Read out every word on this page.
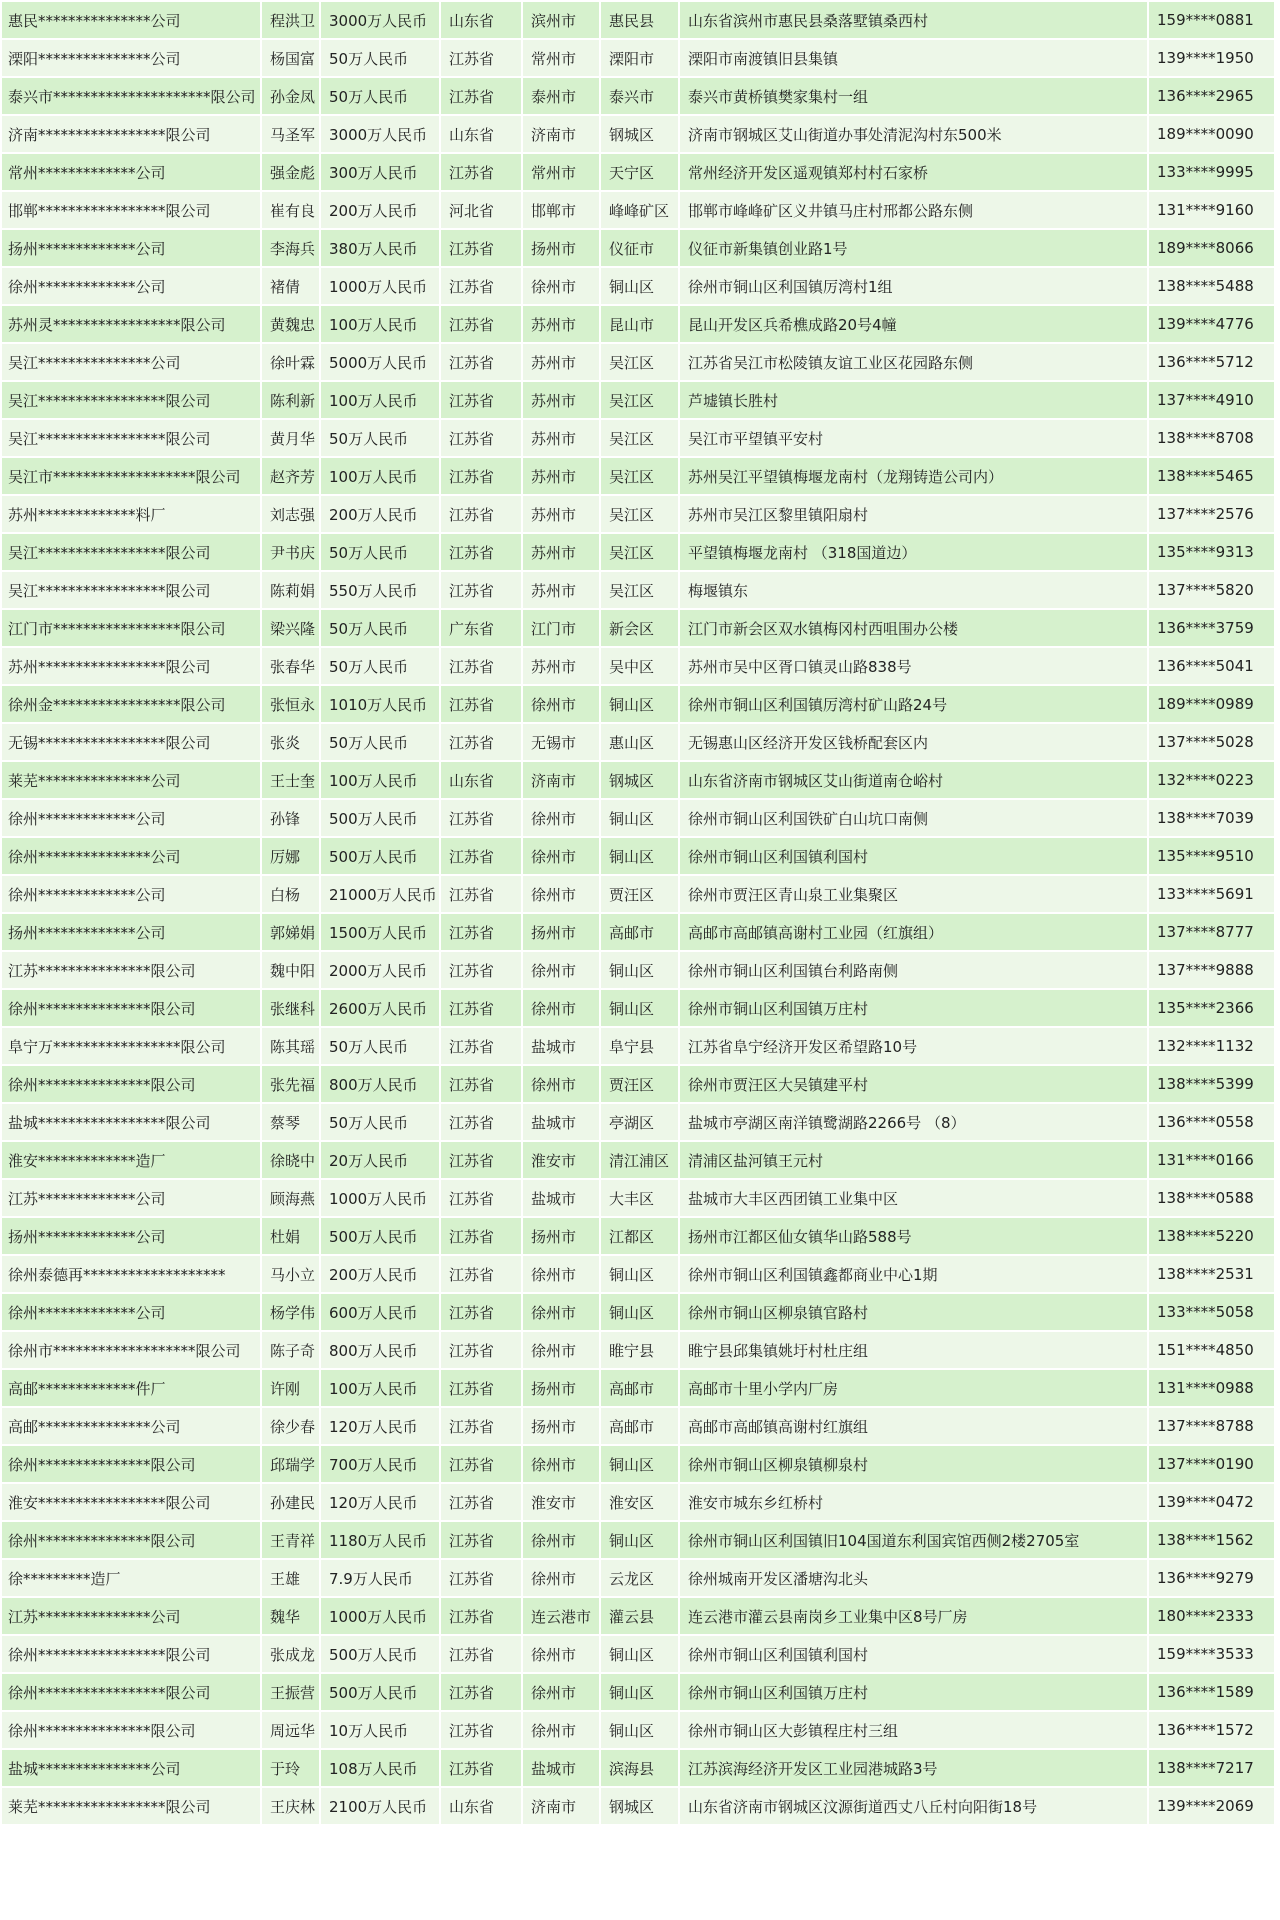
惠民***************公司	程洪卫	3000万人民币	山东省	滨州市	惠民县	山东省滨州市惠民县桑落墅镇桑西村	159****0881
溧阳***************公司	杨国富	50万人民币	江苏省	常州市	溧阳市	溧阳市南渡镇旧县集镇	139****1950
泰兴市*********************限公司	孙金凤	50万人民币	江苏省	泰州市	泰兴市	泰兴市黄桥镇樊家集村一组	136****2965
济南*****************限公司	马圣军	3000万人民币	山东省	济南市	钢城区	济南市钢城区艾山街道办事处清泥沟村东500米	189****0090
常州*************公司	强金彪	300万人民币	江苏省	常州市	天宁区	常州经济开发区遥观镇郑村村石家桥	133****9995
邯郸*****************限公司	崔有良	200万人民币	河北省	邯郸市	峰峰矿区	邯郸市峰峰矿区义井镇马庄村邢都公路东侧	131****9160
扬州*************公司	李海兵	380万人民币	江苏省	扬州市	仪征市	仪征市新集镇创业路1号	189****8066
徐州*************公司	褚倩	1000万人民币	江苏省	徐州市	铜山区	徐州市铜山区利国镇厉湾村1组	138****5488
苏州灵*****************限公司	黄魏忠	100万人民币	江苏省	苏州市	昆山市	昆山开发区兵希樵成路20号4幢	139****4776
吴江***************公司	徐叶霖	5000万人民币	江苏省	苏州市	吴江区	江苏省吴江市松陵镇友谊工业区花园路东侧	136****5712
吴江*****************限公司	陈利新	100万人民币	江苏省	苏州市	吴江区	芦墟镇长胜村	137****4910
吴江*****************限公司	黄月华	50万人民币	江苏省	苏州市	吴江区	吴江市平望镇平安村	138****8708
吴江市*******************限公司	赵齐芳	100万人民币	江苏省	苏州市	吴江区	苏州吴江平望镇梅堰龙南村（龙翔铸造公司内）	138****5465
苏州*************料厂	刘志强	200万人民币	江苏省	苏州市	吴江区	苏州市吴江区黎里镇阳扇村	137****2576
吴江*****************限公司	尹书庆	50万人民币	江苏省	苏州市	吴江区	平望镇梅堰龙南村 （318国道边）	135****9313
吴江*****************限公司	陈莉娟	550万人民币	江苏省	苏州市	吴江区	梅堰镇东	137****5820
江门市*****************限公司	梁兴隆	50万人民币	广东省	江门市	新会区	江门市新会区双水镇梅冈村西咀围办公楼	136****3759
苏州*****************限公司	张春华	50万人民币	江苏省	苏州市	吴中区	苏州市吴中区胥口镇灵山路838号	136****5041
徐州金*****************限公司	张恒永	1010万人民币	江苏省	徐州市	铜山区	徐州市铜山区利国镇厉湾村矿山路24号	189****0989
无锡*****************限公司	张炎	50万人民币	江苏省	无锡市	惠山区	无锡惠山区经济开发区钱桥配套区内	137****5028
莱芜***************公司	王士奎	100万人民币	山东省	济南市	钢城区	山东省济南市钢城区艾山街道南仓峪村	132****0223
徐州*************公司	孙锋	500万人民币	江苏省	徐州市	铜山区	徐州市铜山区利国铁矿白山坑口南侧	138****7039
徐州***************公司	厉娜	500万人民币	江苏省	徐州市	铜山区	徐州市铜山区利国镇利国村	135****9510
徐州*************公司	白杨	21000万人民币	江苏省	徐州市	贾汪区	徐州市贾汪区青山泉工业集聚区	133****5691
扬州*************公司	郭娣娟	1500万人民币	江苏省	扬州市	高邮市	高邮市高邮镇高谢村工业园（红旗组）	137****8777
江苏***************限公司	魏中阳	2000万人民币	江苏省	徐州市	铜山区	徐州市铜山区利国镇台利路南侧	137****9888
徐州***************限公司	张继科	2600万人民币	江苏省	徐州市	铜山区	徐州市铜山区利国镇万庄村	135****2366
阜宁万*****************限公司	陈其瑶	50万人民币	江苏省	盐城市	阜宁县	江苏省阜宁经济开发区希望路10号	132****1132
徐州***************限公司	张先福	800万人民币	江苏省	徐州市	贾汪区	徐州市贾汪区大吴镇建平村	138****5399
盐城*****************限公司	蔡琴	50万人民币	江苏省	盐城市	亭湖区	盐城市亭湖区南洋镇鹭湖路2266号 （8）	136****0558
淮安*************造厂	徐晓中	20万人民币	江苏省	淮安市	清江浦区	清浦区盐河镇王元村	131****0166
江苏*************公司	顾海燕	1000万人民币	江苏省	盐城市	大丰区	盐城市大丰区西团镇工业集中区	138****0588
扬州*************公司	杜娟	500万人民币	江苏省	扬州市	江都区	扬州市江都区仙女镇华山路588号	138****5220
徐州泰德再*******************	马小立	200万人民币	江苏省	徐州市	铜山区	徐州市铜山区利国镇鑫都商业中心1期	138****2531
徐州*************公司	杨学伟	600万人民币	江苏省	徐州市	铜山区	徐州市铜山区柳泉镇官路村	133****5058
徐州市*******************限公司	陈子奇	800万人民币	江苏省	徐州市	睢宁县	睢宁县邱集镇姚圩村杜庄组	151****4850
高邮*************件厂	许刚	100万人民币	江苏省	扬州市	高邮市	高邮市十里小学内厂房	131****0988
高邮***************公司	徐少春	120万人民币	江苏省	扬州市	高邮市	高邮市高邮镇高谢村红旗组	137****8788
徐州***************限公司	邱瑞学	700万人民币	江苏省	徐州市	铜山区	徐州市铜山区柳泉镇柳泉村	137****0190
淮安*****************限公司	孙建民	120万人民币	江苏省	淮安市	淮安区	淮安市城东乡红桥村	139****0472
徐州***************限公司	王青祥	1180万人民币	江苏省	徐州市	铜山区	徐州市铜山区利国镇旧104国道东利国宾馆西侧2楼2705室	138****1562
徐*********造厂	王雄	7.9万人民币	江苏省	徐州市	云龙区	徐州城南开发区潘塘沟北头	136****9279
江苏***************公司	魏华	1000万人民币	江苏省	连云港市	灌云县	连云港市灌云县南岗乡工业集中区8号厂房	180****2333
徐州*****************限公司	张成龙	500万人民币	江苏省	徐州市	铜山区	徐州市铜山区利国镇利国村	159****3533
徐州*****************限公司	王振营	500万人民币	江苏省	徐州市	铜山区	徐州市铜山区利国镇万庄村	136****1589
徐州***************限公司	周远华	10万人民币	江苏省	徐州市	铜山区	徐州市铜山区大彭镇程庄村三组	136****1572
盐城***************公司	于玲	108万人民币	江苏省	盐城市	滨海县	江苏滨海经济开发区工业园港城路3号	138****7217
莱芜*****************限公司	王庆林	2100万人民币	山东省	济南市	钢城区	山东省济南市钢城区汶源街道西丈八丘村向阳街18号	139****2069
